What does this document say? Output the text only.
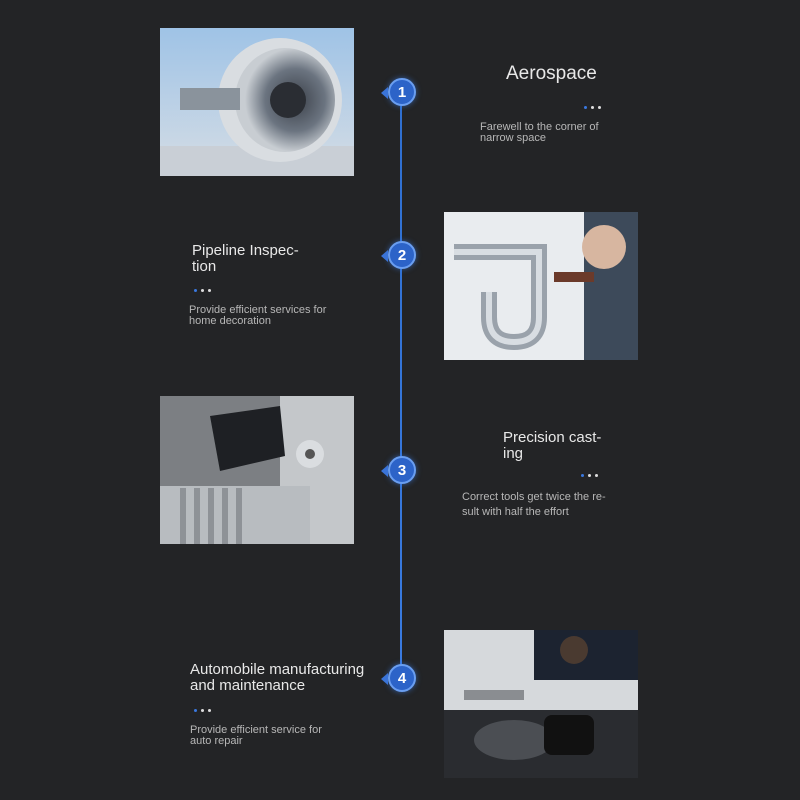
1
Aerospace
Farewell to the corner of
narrow space
Pipeline Inspec-
tion
Provide efficient services for
home decoration
2
3
Precision cast-
ing
Correct tools get twice the re-
sult with half the effort
Automobile manufacturing
and maintenance
Provide efficient service for
auto repair
4
